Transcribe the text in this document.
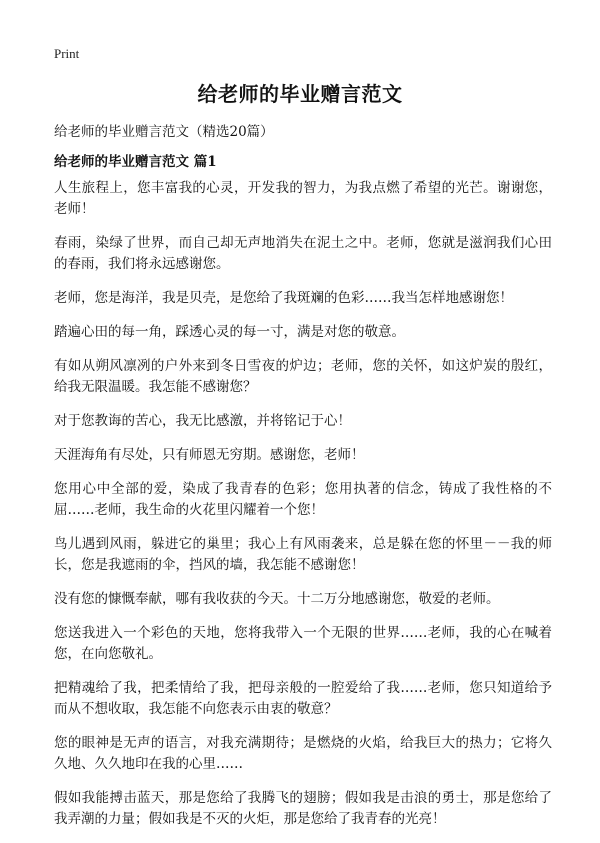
Print
给老师的毕业赠言范文

给老师的毕业赠言范文（精选20篇）

给老师的毕业赠言范文 篇1

人生旅程上，您丰富我的心灵，开发我的智力，为我点燃了希望的光芒。谢谢您，老师！

春雨，染绿了世界，而自己却无声地消失在泥土之中。老师，您就是滋润我们心田的春雨，我们将永远感谢您。

老师，您是海洋，我是贝壳，是您给了我斑斓的色彩……我当怎样地感谢您！

踏遍心田的每一角，踩透心灵的每一寸，满是对您的敬意。

有如从朔风凛冽的户外来到冬日雪夜的炉边；老师，您的关怀，如这炉炭的殷红，给我无限温暖。我怎能不感谢您？

对于您教诲的苦心，我无比感激，并将铭记于心！

天涯海角有尽处，只有师恩无穷期。感谢您，老师！

您用心中全部的爱，染成了我青春的色彩；您用执著的信念，铸成了我性格的不屈……老师，我生命的火花里闪耀着一个您！

鸟儿遇到风雨，躲进它的巢里；我心上有风雨袭来，总是躲在您的怀里－－我的师长，您是我遮雨的伞，挡风的墙，我怎能不感谢您！

没有您的慷慨奉献，哪有我收获的今天。十二万分地感谢您，敬爱的老师。

您送我进入一个彩色的天地，您将我带入一个无限的世界……老师，我的心在喊着您，在向您敬礼。

把精魂给了我，把柔情给了我，把母亲般的一腔爱给了我……老师，您只知道给予而从不想收取，我怎能不向您表示由衷的敬意？

您的眼神是无声的语言，对我充满期待；是燃烧的火焰，给我巨大的热力；它将久久地、久久地印在我的心里……

假如我能搏击蓝天，那是您给了我腾飞的翅膀；假如我是击浪的勇士，那是您给了我弄潮的力量；假如我是不灭的火炬，那是您给了我青春的光亮！
